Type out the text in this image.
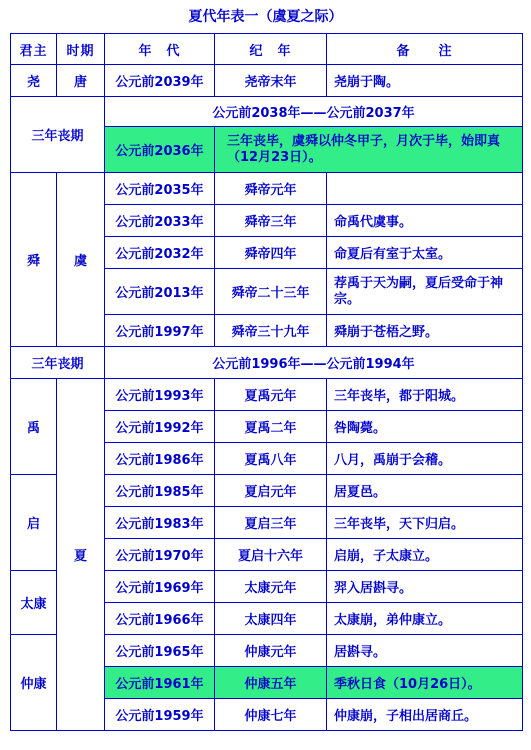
夏代年表一（虞夏之际）
君主	时期	年　代	纪　年	备　　注
尧	唐	公元前2039年	尧帝末年	尧崩于陶。
三年丧期		公元前2038年——公元前2037年		
		公元前2036年	三年丧毕，虞舜以仲冬甲子，月次于毕，始即真（12月23日）。	
舜	虞	公元前2035年	舜帝元年	
		公元前2033年	舜帝三年	命禹代虞事。
		公元前2032年	舜帝四年	命夏后有室于太室。
		公元前2013年	舜帝二十三年	荐禹于天为嗣，夏后受命于神宗。
		公元前1997年	舜帝三十九年	舜崩于苍梧之野。
三年丧期		公元前1996年——公元前1994年		
禹	夏	公元前1993年	夏禹元年	三年丧毕，都于阳城。
		公元前1992年	夏禹二年	咎陶薨。
		公元前1986年	夏禹八年	八月，禹崩于会稽。
启		公元前1985年	夏启元年	居夏邑。
		公元前1983年	夏启三年	三年丧毕，天下归启。
		公元前1970年	夏启十六年	启崩，子太康立。
太康		公元前1969年	太康元年	羿入居斟寻。
		公元前1966年	太康四年	太康崩，弟仲康立。
仲康		公元前1965年	仲康元年	居斟寻。
		公元前1961年	仲康五年	季秋日食（10月26日）。
		公元前1959年	仲康七年	仲康崩，子相出居商丘。
